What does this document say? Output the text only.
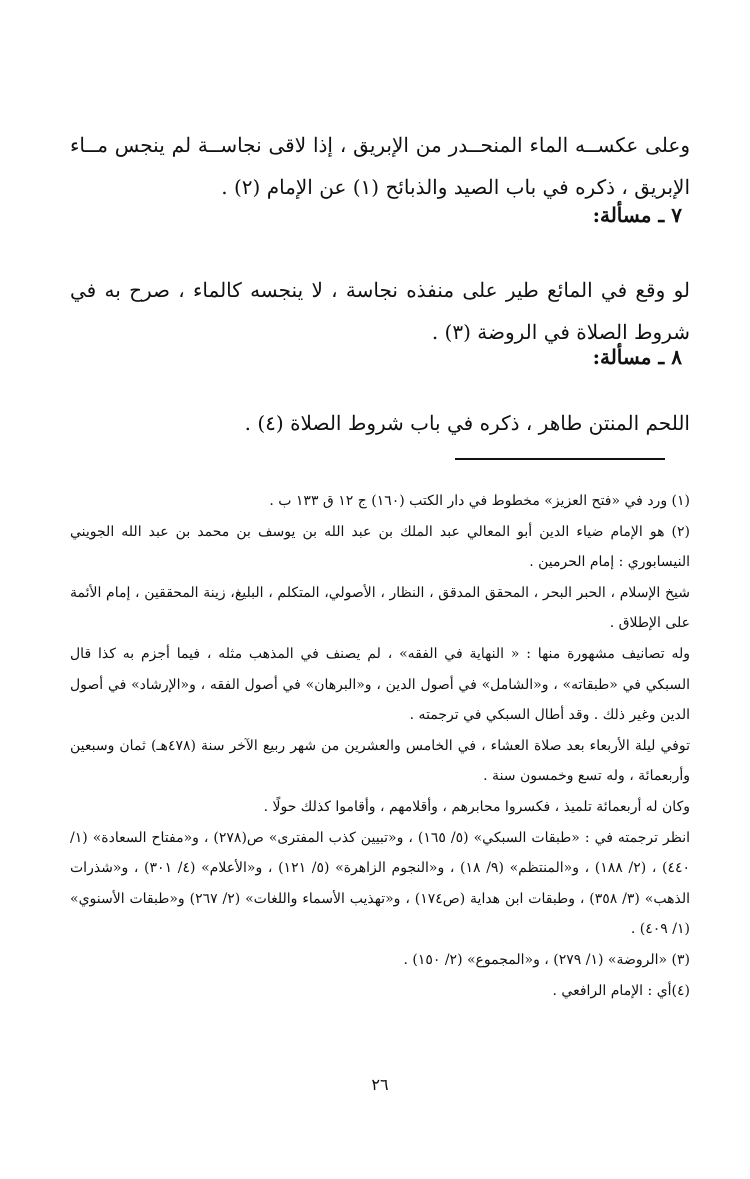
وعلى عكســه الماء المنحــدر من الإبريق ، إذا لاقى نجاســة لم ينجس مــاء الإبريق ، ذكره في باب الصيد والذبائح (١) عن الإمام (٢) .

٧ ـ مسألة:

لو وقع في المائع طير على منفذه نجاسة ، لا ينجسه كالماء ، صرح به في شروط الصلاة في الروضة (٣) .

٨ ـ مسألة:

اللحم المنتن طاهر ، ذكره في باب شروط الصلاة (٤) .

(١) ورد في «فتح العزيز» مخطوط في دار الكتب (١٦٠) ج ١٢ ق ١٣٣ ب .

(٢) هو الإمام ضياء الدين أبو المعالي عبد الملك بن عبد الله بن يوسف بن محمد بن عبد الله الجويني النيسابوري : إمام الحرمين .

شيخ الإسلام ، الحبر البحر ، المحقق المدقق ، النظار ، الأصولي، المتكلم ، البليغ، زينة المحققين ، إمام الأئمة على الإطلاق .

وله تصانيف مشهورة منها : « النهاية في الفقه» ، لم يصنف في المذهب مثله ، فيما أجزم به كذا قال السبكي في «طبقاته» ، و«الشامل» في أصول الدين ، و«البرهان» في أصول الفقه ، و«الإرشاد» في أصول الدين وغير ذلك . وقد أطال السبكي في ترجمته .

توفي ليلة الأربعاء بعد صلاة العشاء ، في الخامس والعشرين من شهر ربيع الآخر سنة (٤٧٨هـ) ثمان وسبعين وأربعمائة ، وله تسع وخمسون سنة .

وكان له أربعمائة تلميذ ، فكسروا محابرهم ، وأقلامهم ، وأقاموا كذلك حولًا .

انظر ترجمته في : «طبقات السبكي» (٥/ ١٦٥) ، و«تبيين كذب المفترى» ص(٢٧٨) ، و«مفتاح السعادة» (١/ ٤٤٠) ، (٢/ ١٨٨) ، و«المنتظم» (٩/ ١٨) ، و«النجوم الزاهرة» (٥/ ١٢١) ، و«الأعلام» (٤/ ٣٠١) ، و«شذرات الذهب» (٣/ ٣٥٨) ، وطبقات ابن هداية (ص١٧٤) ، و«تهذيب الأسماء واللغات» (٢/ ٢٦٧) و«طبقات الأسنوي» (١/ ٤٠٩) .

(٣) «الروضة» (١/ ٢٧٩) ، و«المجموع» (٢/ ١٥٠) .

(٤)أي : الإمام الرافعي .

٢٦
